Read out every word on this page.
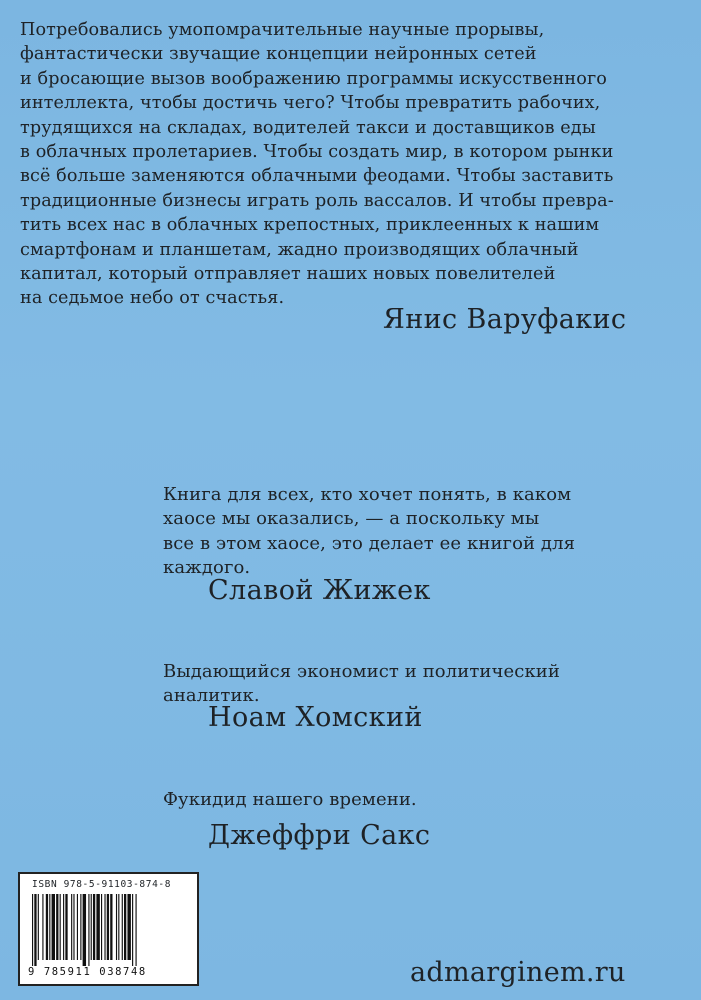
Потребовались умопомрачительные научные прорывы,
фантастически звучащие концепции нейронных сетей
и бросающие вызов воображению программы искусственного
интеллекта, чтобы достичь чего? Чтобы превратить рабочих,
трудящихся на складах, водителей такси и доставщиков еды
в облачных пролетариев. Чтобы создать мир, в котором рынки
всё больше заменяются облачными феодами. Чтобы заставить
традиционные бизнесы играть роль вассалов. И чтобы превра-
тить всех нас в облачных крепостных, приклеенных к нашим
смартфонам и планшетам, жадно производящих облачный
капитал, который отправляет наших новых повелителей
на седьмое небо от счастья.
Янис Варуфакис
Книга для всех, кто хочет понять, в каком
хаосе мы оказались, — а поскольку мы
все в этом хаосе, это делает ее книгой для
каждого.
Славой Жижек
Выдающийся экономист и политический
аналитик.
Ноам Хомский
Фукидид нашего времени.
Джеффри Сакс
ISBN 978-5-91103-874-8
9 785911 038748	admarginem.ru
